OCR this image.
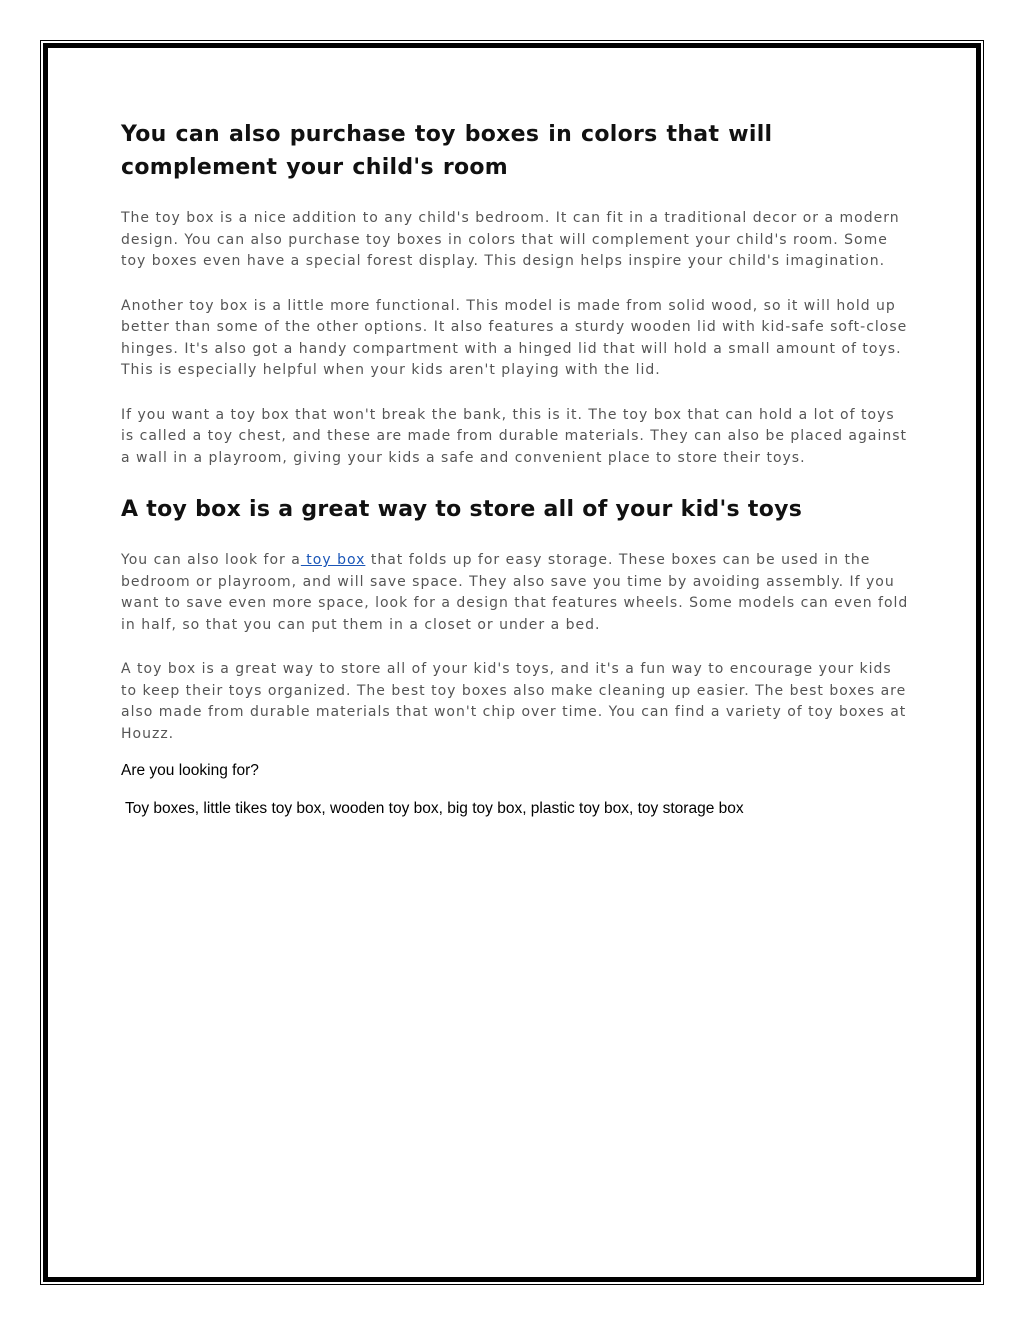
You can also purchase toy boxes in colors that will complement your child's room

The toy box is a nice addition to any child's bedroom. It can fit in a traditional decor or a modern design. You can also purchase toy boxes in colors that will complement your child's room. Some toy boxes even have a special forest display. This design helps inspire your child's imagination.

Another toy box is a little more functional. This model is made from solid wood, so it will hold up better than some of the other options. It also features a sturdy wooden lid with kid-safe soft-close hinges. It's also got a handy compartment with a hinged lid that will hold a small amount of toys. This is especially helpful when your kids aren't playing with the lid.

If you want a toy box that won't break the bank, this is it. The toy box that can hold a lot of toys is called a toy chest, and these are made from durable materials. They can also be placed against a wall in a playroom, giving your kids a safe and convenient place to store their toys.

A toy box is a great way to store all of your kid's toys

You can also look for a toy box that folds up for easy storage. These boxes can be used in the bedroom or playroom, and will save space. They also save you time by avoiding assembly. If you want to save even more space, look for a design that features wheels. Some models can even fold in half, so that you can put them in a closet or under a bed.

A toy box is a great way to store all of your kid's toys, and it's a fun way to encourage your kids to keep their toys organized. The best toy boxes also make cleaning up easier. The best boxes are also made from durable materials that won't chip over time. You can find a variety of toy boxes at Houzz.

Are you looking for?

Toy boxes, little tikes toy box, wooden toy box, big toy box, plastic toy box, toy storage box
